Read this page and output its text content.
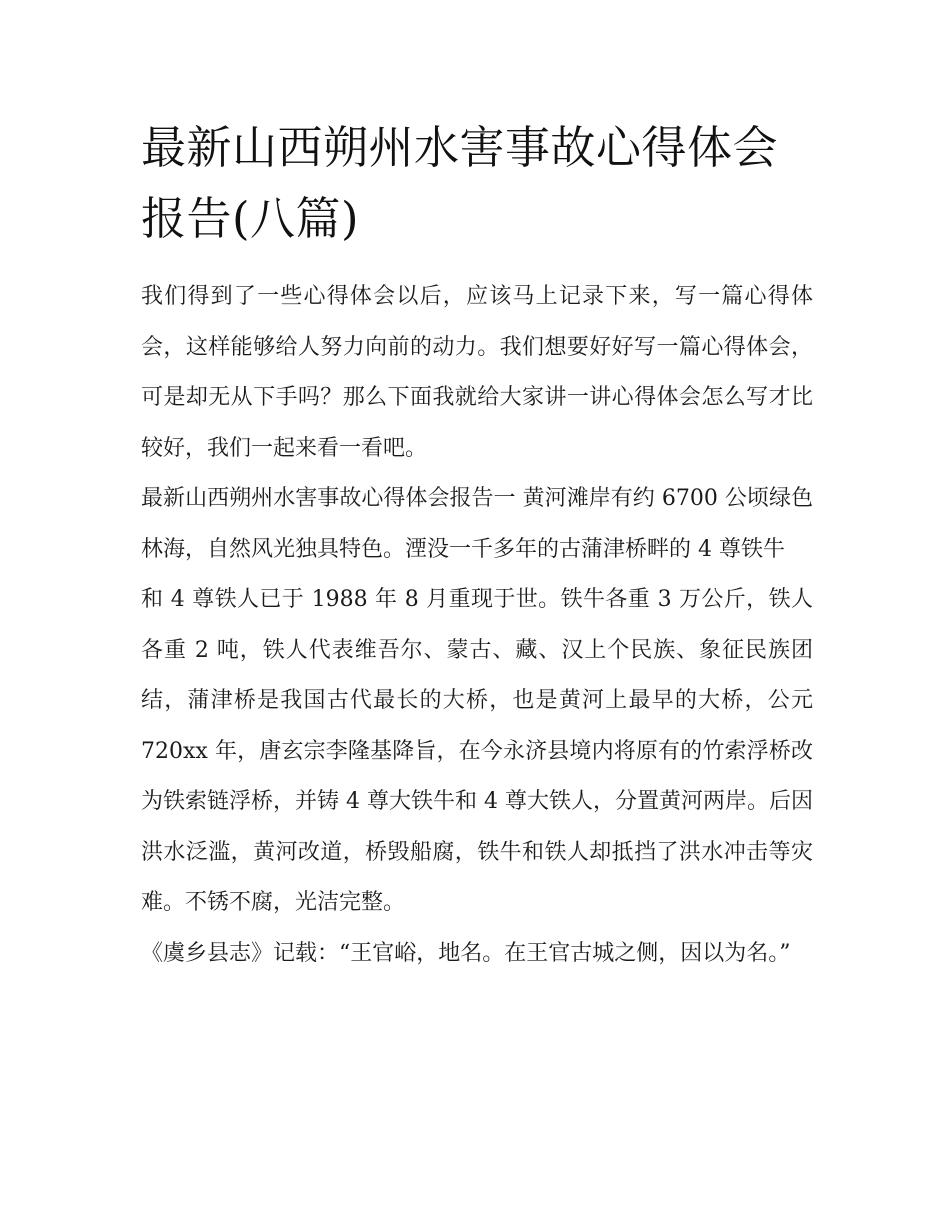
最新山西朔州水害事故心得体会报告(八篇)

我们得到了一些心得体会以后，应该马上记录下来，写一篇心得体会，这样能够给人努力向前的动力。我们想要好好写一篇心得体会，可是却无从下手吗？那么下面我就给大家讲一讲心得体会怎么写才比较好，我们一起来看一看吧。

最新山西朔州水害事故心得体会报告一 黄河滩岸有约 6700 公顷绿色林海，自然风光独具特色。湮没一千多年的古蒲津桥畔的 4 尊铁牛

和 4 尊铁人已于 1988 年 8 月重现于世。铁牛各重 3 万公斤，铁人各重 2 吨，铁人代表维吾尔、蒙古、藏、汉上个民族、象征民族团结，蒲津桥是我国古代最长的大桥，也是黄河上最早的大桥，公元 720xx 年，唐玄宗李隆基降旨，在今永济县境内将原有的竹索浮桥改为铁索链浮桥，并铸 4 尊大铁牛和 4 尊大铁人，分置黄河两岸。后因洪水泛滥，黄河改道，桥毁船腐，铁牛和铁人却抵挡了洪水冲击等灾难。不锈不腐，光洁完整。

《虞乡县志》记载：“王官峪，地名。在王官古城之侧，因以为名。”
